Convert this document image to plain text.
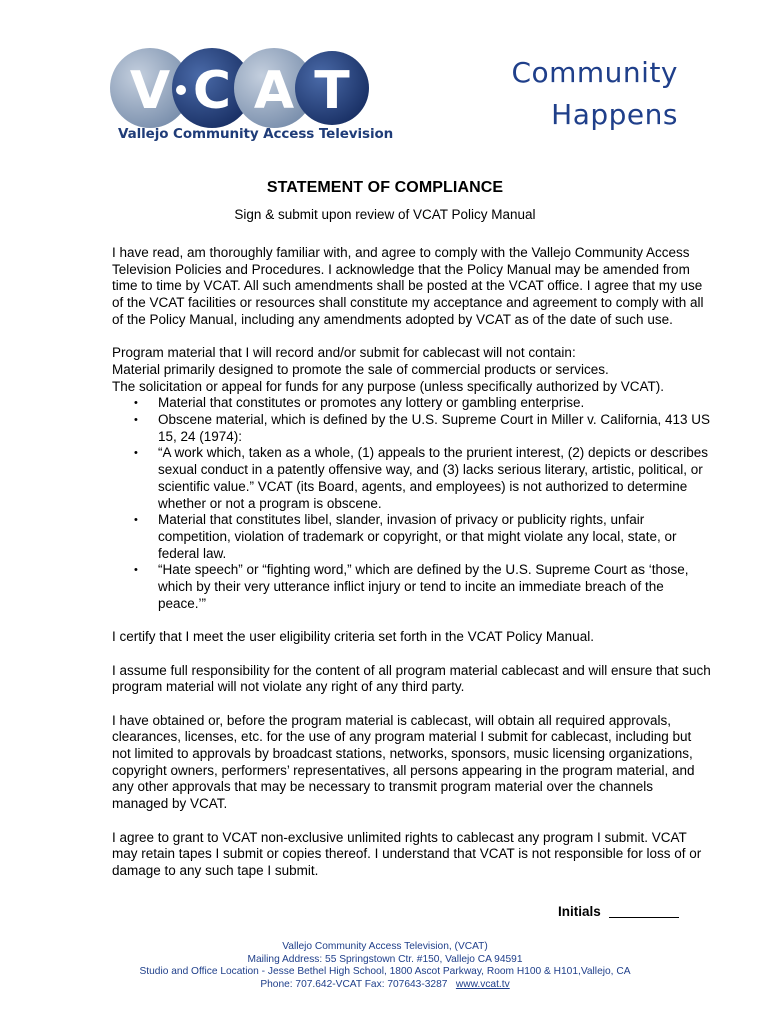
V C A T
Vallejo Community Access Television
Community
Happens
STATEMENT OF COMPLIANCE
Sign & submit upon review of VCAT Policy Manual

I have read, am thoroughly familiar with, and agree to comply with the Vallejo Community Access Television Policies and Procedures. I acknowledge that the Policy Manual may be amended from time to time by VCAT. All such amendments shall be posted at the VCAT office. I agree that my use of the VCAT facilities or resources shall constitute my acceptance and agreement to comply with all of the Policy Manual, including any amendments adopted by VCAT as of the date of such use.

Program material that I will record and/or submit for cablecast will not contain:

Material primarily designed to promote the sale of commercial products or services.

The solicitation or appeal for funds for any purpose (unless specifically authorized by VCAT).

• Material that constitutes or promotes any lottery or gambling enterprise.
• Obscene material, which is defined by the U.S. Supreme Court in Miller v. California, 413 US 15, 24 (1974):
• “A work which, taken as a whole, (1) appeals to the prurient interest, (2) depicts or describes sexual conduct in a patently offensive way, and (3) lacks serious literary, artistic, political, or scientific value.” VCAT (its Board, agents, and employees) is not authorized to determine whether or not a program is obscene.
• Material that constitutes libel, slander, invasion of privacy or publicity rights, unfair competition, violation of trademark or copyright, or that might violate any local, state, or federal law.
• “Hate speech” or “fighting word,” which are defined by the U.S. Supreme Court as ‘those, which by their very utterance inflict injury or tend to incite an immediate breach of the peace.’”

I certify that I meet the user eligibility criteria set forth in the VCAT Policy Manual.

I assume full responsibility for the content of all program material cablecast and will ensure that such program material will not violate any right of any third party.

I have obtained or, before the program material is cablecast, will obtain all required approvals, clearances, licenses, etc. for the use of any program material I submit for cablecast, including but not limited to approvals by broadcast stations, networks, sponsors, music licensing organizations, copyright owners, performers’ representatives, all persons appearing in the program material, and any other approvals that may be necessary to transmit program material over the channels managed by VCAT.

I agree to grant to VCAT non-exclusive unlimited rights to cablecast any program I submit. VCAT may retain tapes I submit or copies thereof. I understand that VCAT is not responsible for loss of or damage to any such tape I submit.

Initials
Vallejo Community Access Television, (VCAT)
Mailing Address: 55 Springstown Ctr. #150, Vallejo CA 94591
Studio and Office Location - Jesse Bethel High School, 1800 Ascot Parkway, Room H100 & H101,Vallejo, CA
Phone: 707.642-VCAT Fax: 707643-3287 www.vcat.tv
